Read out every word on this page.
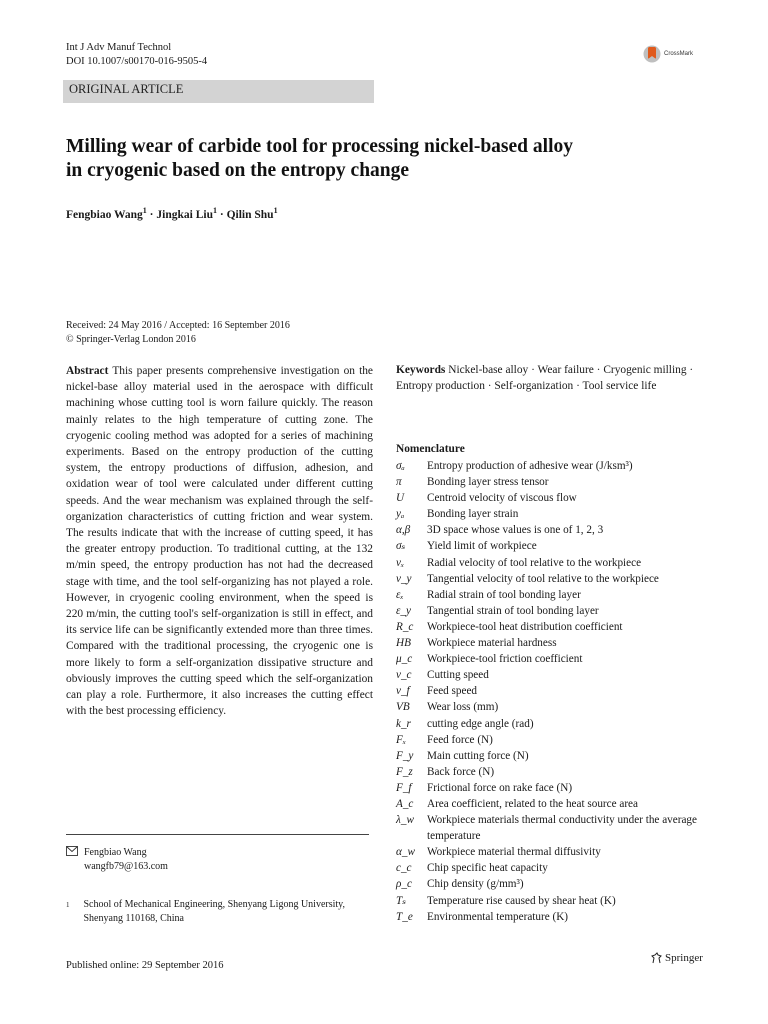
Int J Adv Manuf Technol
DOI 10.1007/s00170-016-9505-4
CrossMark
ORIGINAL ARTICLE
Milling wear of carbide tool for processing nickel-based alloy
in cryogenic based on the entropy change
Fengbiao Wang$^1$ · Jingkai Liu$^1$ · Qilin Shu$^1$
Received: 24 May 2016 / Accepted: 16 September 2016
© Springer-Verlag London 2016

Abstract This paper presents comprehensive investigation on the nickel-base alloy material used in the aerospace with difficult machining whose cutting tool is worn failure quickly. The reason mainly relates to the high temperature of cutting zone. The cryogenic cooling method was adopted for a series of machining experiments. Based on the entropy production of the cutting system, the entropy productions of diffusion, adhesion, and oxidation wear of tool were calculated under different cutting speeds. And the wear mechanism was explained through the self-organization characteristics of cutting friction and wear system. The results indicate that with the increase of cutting speed, it has the greater entropy production. To traditional cutting, at the 132 m/min speed, the entropy production has not had the decreased stage with time, and the tool self-organizing has not played a role. However, in cryogenic cooling environment, when the speed is 220 m/min, the cutting tool's self-organization is still in effect, and its service life can be significantly extended more than three times. Compared with the traditional processing, the cryogenic one is more likely to form a self-organization dissipative structure and obviously improves the cutting speed which the self-organization can play a role. Furthermore, it also increases the cutting effect with the best processing efficiency.

Keywords Nickel-base alloy · Wear failure · Cryogenic milling · Entropy production · Self-organization · Tool service life
Nomenclature
σₐ	Entropy production of adhesive wear (J/ksm³)
π	Bonding layer stress tensor
U	Centroid velocity of viscous flow
yₐ	Bonding layer strain
α,β	3D space whose values is one of 1, 2, 3
σₛ	Yield limit of workpiece
vₓ	Radial velocity of tool relative to the workpiece
v_y	Tangential velocity of tool relative to the workpiece
εₓ	Radial strain of tool bonding layer
ε_y	Tangential strain of tool bonding layer
R_c	Workpiece-tool heat distribution coefficient
HB	Workpiece material hardness
μ_c	Workpiece-tool friction coefficient
v_c	Cutting speed
v_f	Feed speed
VB	Wear loss (mm)
k_r	cutting edge angle (rad)
Fₓ	Feed force (N)
F_y	Main cutting force (N)
F_z	Back force (N)
F_f	Frictional force on rake face (N)
A_c	Area coefficient, related to the heat source area
λ_w	Workpiece materials thermal conductivity under the average temperature
α_w	Workpiece material thermal diffusivity
c_c	Chip specific heat capacity
ρ_c	Chip density (g/mm³)
Tₛ	Temperature rise caused by shear heat (K)
T_e	Environmental temperature (K)
Fengbiao Wang
wangfb79@163.com
1 School of Mechanical Engineering, Shenyang Ligong University,
Shenyang 110168, China
Published online: 29 September 2016
Springer
